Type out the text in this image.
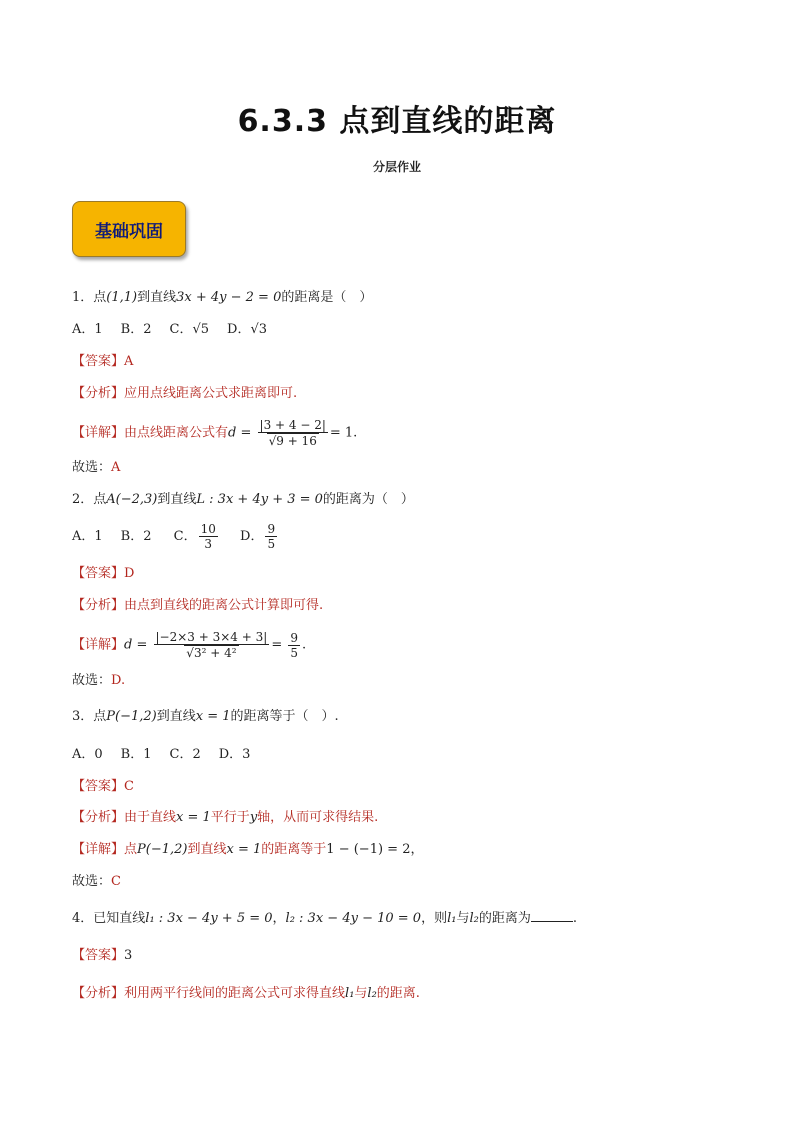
6.3.3 点到直线的距离
分层作业
基础巩固
1．点(1,1)到直线3x + 4y − 2 = 0的距离是（　）
A．1 B．2 C．√5 D．√3
【答案】A
【分析】应用点线距离公式求距离即可.
【详解】由点线距离公式有$d = \frac{|3 + 4 - 2|}{√9 + 16} = 1$.
故选：A
2．点A(−2,3)到直线L : 3x + 4y + 3 = 0的距离为（　）
A．1 B．2 C． $\frac{10}{3}$ D． $\frac{9}{5}$
【答案】D
【分析】由点到直线的距离公式计算即可得.
【详解】$d = \frac{|-2\times 3 + 3\times 4 + 3|}{\text{√3² + 4²}} = \frac{9}{5}$ .
故选：D.
3．点P(−1,2)到直线x = 1的距离等于（　）.
A．0 B．1 C．2 D．3
【答案】C
【分析】由于直线x = 1平行于y轴，从而可求得结果.
【详解】点P(−1,2)到直线x = 1的距离等于1 − (−1) = 2，
故选：C
4．已知直线l₁ : 3x − 4y + 5 = 0，l₂ : 3x − 4y − 10 = 0，则l₁与l₂的距离为	.
【答案】3
【分析】利用两平行线间的距离公式可求得直线l₁与l₂的距离.
